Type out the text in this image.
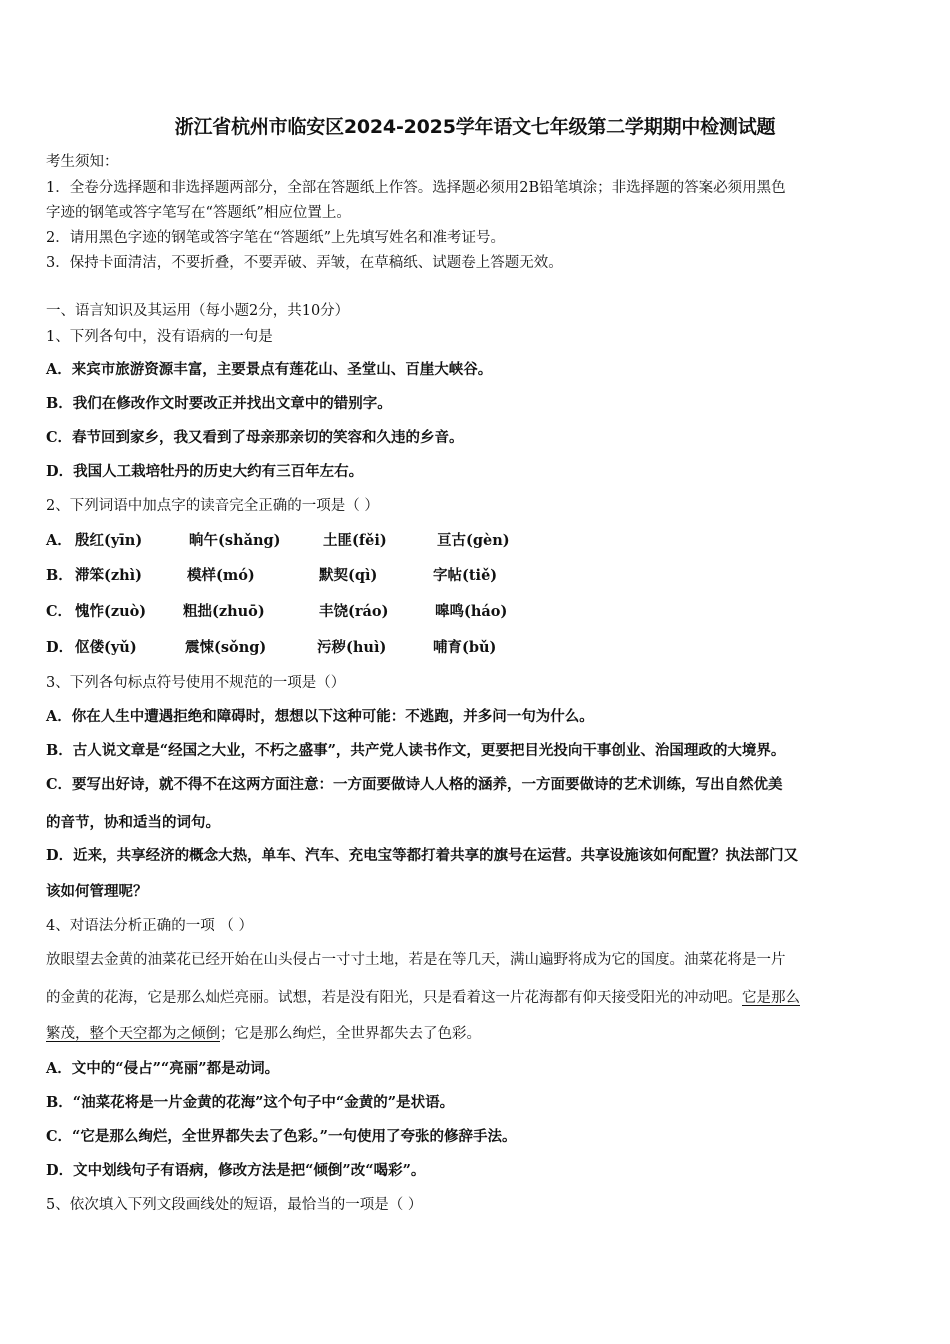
浙江省杭州市临安区2024-2025学年语文七年级第二学期期中检测试题
考生须知：
1．全卷分选择题和非选择题两部分，全部在答题纸上作答。选择题必须用2B铅笔填涂；非选择题的答案必须用黑色
字迹的钢笔或答字笔写在“答题纸”相应位置上。
2．请用黑色字迹的钢笔或答字笔在“答题纸”上先填写姓名和准考证号。
3．保持卡面清洁，不要折叠，不要弄破、弄皱，在草稿纸、试题卷上答题无效。
一、语言知识及其运用（每小题2分，共10分）
1、下列各句中，没有语病的一句是
A．来宾市旅游资源丰富，主要景点有莲花山、圣堂山、百崖大峡谷。
B．我们在修改作文时要改正并找出文章中的错别字。
C．春节回到家乡，我又看到了母亲那亲切的笑容和久违的乡音。
D．我国人工栽培牡丹的历史大约有三百年左右。
2、下列词语中加点字的读音完全正确的一项是（ ）
A． 殷红(yīn)	晌午(shǎng)	土匪(fěi)	亘古(gèn)
B． 滞笨(zhì)	模样(mó)	默契(qì)	字帖(tiě)
C． 愧怍(zuò)	粗拙(zhuō)	丰饶(ráo)	嗥鸣(háo)
D． 伛偻(yǔ)	震悚(sǒng)	污秽(huì)	哺育(bǔ)
3、下列各句标点符号使用不规范的一项是（）
A．你在人生中遭遇拒绝和障碍时，想想以下这种可能：不逃跑，并多问一句为什么。
B．古人说文章是“经国之大业，不朽之盛事”，共产党人读书作文，更要把目光投向干事创业、治国理政的大境界。
C．要写出好诗，就不得不在这两方面注意：一方面要做诗人人格的涵养，一方面要做诗的艺术训练，写出自然优美
的音节，协和适当的词句。
D．近来，共享经济的概念大热，单车、汽车、充电宝等都打着共享的旗号在运营。共享设施该如何配置？执法部门又
该如何管理呢？
4、对语法分析正确的一项 （ ）
放眼望去金黄的油菜花已经开始在山头侵占一寸寸土地，若是在等几天，满山遍野将成为它的国度。油菜花将是一片
的金黄的花海，它是那么灿烂亮丽。试想，若是没有阳光，只是看着这一片花海都有仰天接受阳光的冲动吧。它是那么
繁茂，整个天空都为之倾倒；它是那么绚烂，全世界都失去了色彩。
A．文中的“侵占”“亮丽”都是动词。
B．“油菜花将是一片金黄的花海”这个句子中“金黄的”是状语。
C．“它是那么绚烂，全世界都失去了色彩。”一句使用了夸张的修辞手法。
D．文中划线句子有语病，修改方法是把“倾倒”改“喝彩”。
5、依次填入下列文段画线处的短语，最恰当的一项是（ ）
